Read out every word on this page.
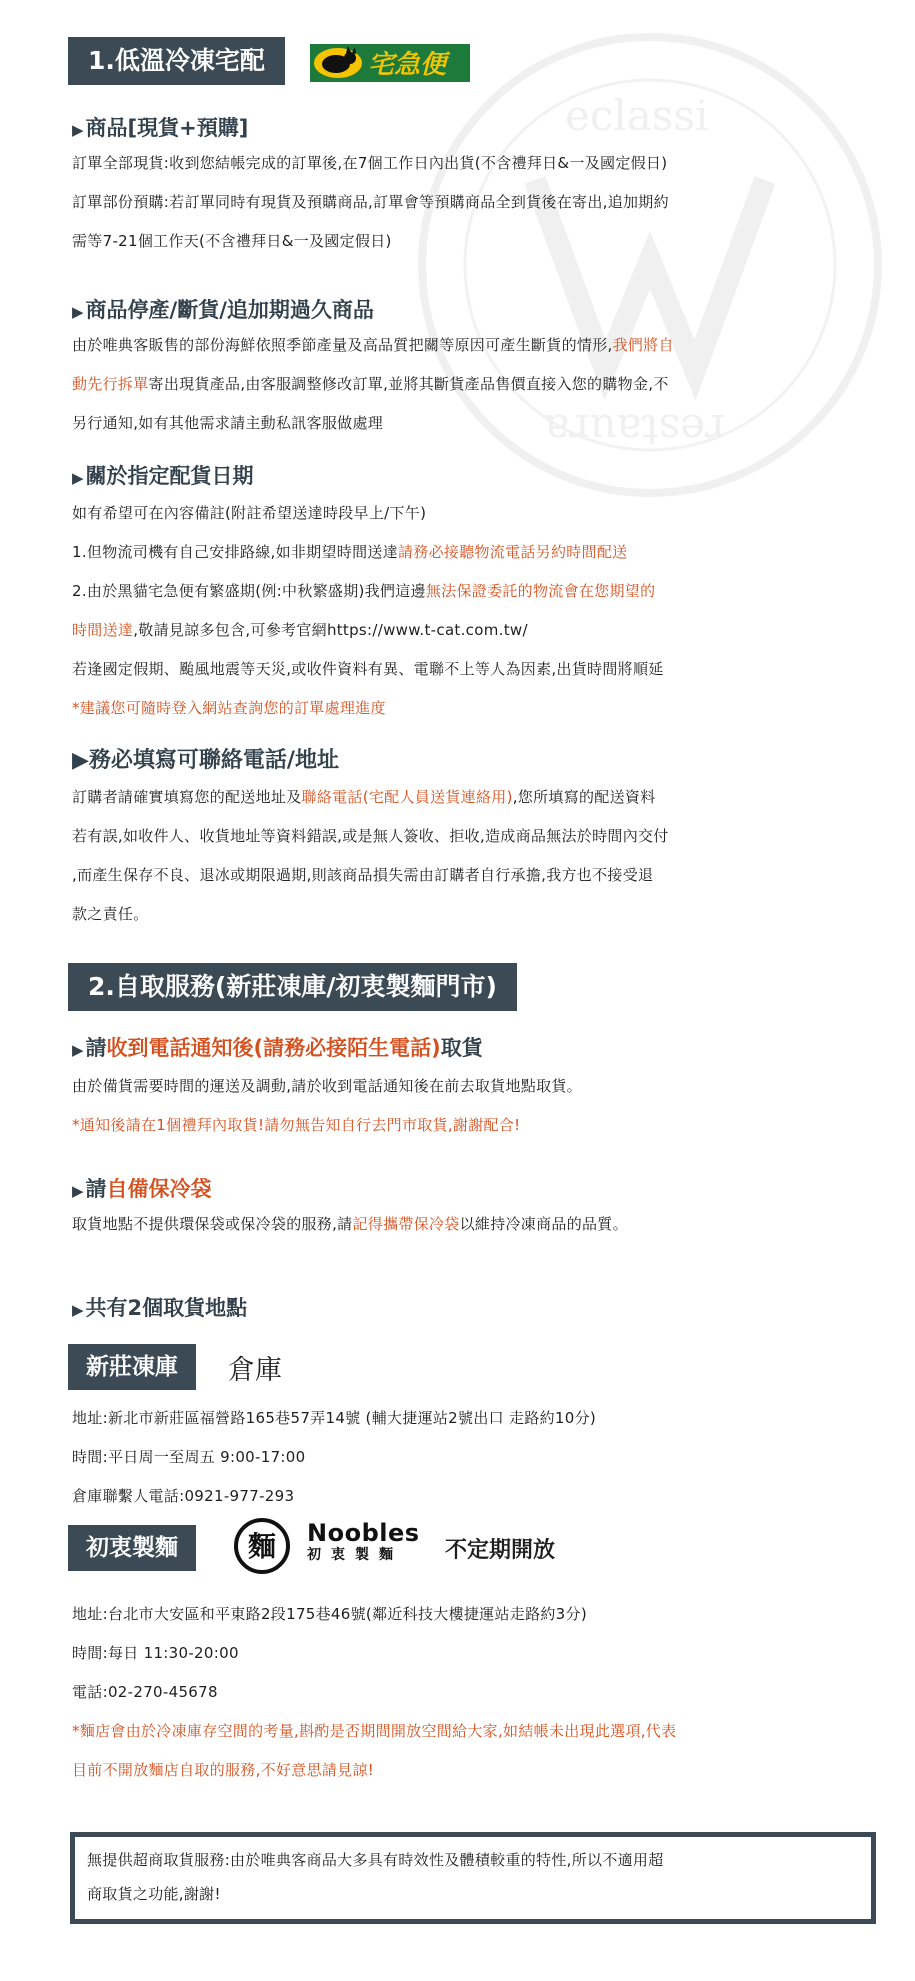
eclassi
restaura
1.低溫冷凍宅配	宅急便
▶商品[現貨+預購]
訂單全部現貨:收到您結帳完成的訂單後,在7個工作日內出貨(不含禮拜日&一及國定假日)
訂單部份預購:若訂單同時有現貨及預購商品,訂單會等預購商品全到貨後在寄出,追加期約
需等7-21個工作天(不含禮拜日&一及國定假日)
▶商品停產/斷貨/追加期過久商品
由於唯典客販售的部份海鮮依照季節產量及高品質把關等原因可產生斷貨的情形,我們將自
動先行拆單寄出現貨產品,由客服調整修改訂單,並將其斷貨產品售價直接入您的購物金,不
另行通知,如有其他需求請主動私訊客服做處理
▶關於指定配貨日期
如有希望可在內容備註(附註希望送達時段早上/下午)
1.但物流司機有自己安排路線,如非期望時間送達請務必接聽物流電話另約時間配送
2.由於黑貓宅急便有繁盛期(例:中秋繁盛期)我們這邊無法保證委託的物流會在您期望的
時間送達,敬請見諒多包含,可參考官網https://www.t-cat.com.tw/
若逢國定假期、颱風地震等天災,或收件資料有異、電聯不上等人為因素,出貨時間將順延
*建議您可隨時登入網站查詢您的訂單處理進度
▶務必填寫可聯絡電話/地址
訂購者請確實填寫您的配送地址及聯絡電話(宅配人員送貨連絡用),您所填寫的配送資料
若有誤,如收件人、收貨地址等資料錯誤,或是無人簽收、拒收,造成商品無法於時間內交付
,而產生保存不良、退冰或期限過期,則該商品損失需由訂購者自行承擔,我方也不接受退
款之責任。
2.自取服務(新莊凍庫/初衷製麵門市)
▶請收到電話通知後(請務必接陌生電話)取貨
由於備貨需要時間的運送及調動,請於收到電話通知後在前去取貨地點取貨。
*通知後請在1個禮拜內取貨!請勿無告知自行去門市取貨,謝謝配合!
▶請自備保冷袋
取貨地點不提供環保袋或保冷袋的服務,請記得攜帶保冷袋以維持冷凍商品的品質。
▶共有2個取貨地點
新莊凍庫	倉庫
地址:新北市新莊區福營路165巷57弄14號 (輔大捷運站2號出口 走路約10分)
時間:平日周一至周五 9:00-17:00
倉庫聯繫人電話:0921-977-293
初衷製麵	麵 Noobles
初衷製麵	不定期開放
地址:台北市大安區和平東路2段175巷46號(鄰近科技大樓捷運站走路約3分)
時間:每日 11:30-20:00
電話:02-270-45678
*麵店會由於冷凍庫存空間的考量,斟酌是否期間開放空間給大家,如結帳未出現此選項,代表
目前不開放麵店自取的服務,不好意思請見諒!
無提供超商取貨服務:由於唯典客商品大多具有時效性及體積較重的特性,所以不適用超
商取貨之功能,謝謝!
